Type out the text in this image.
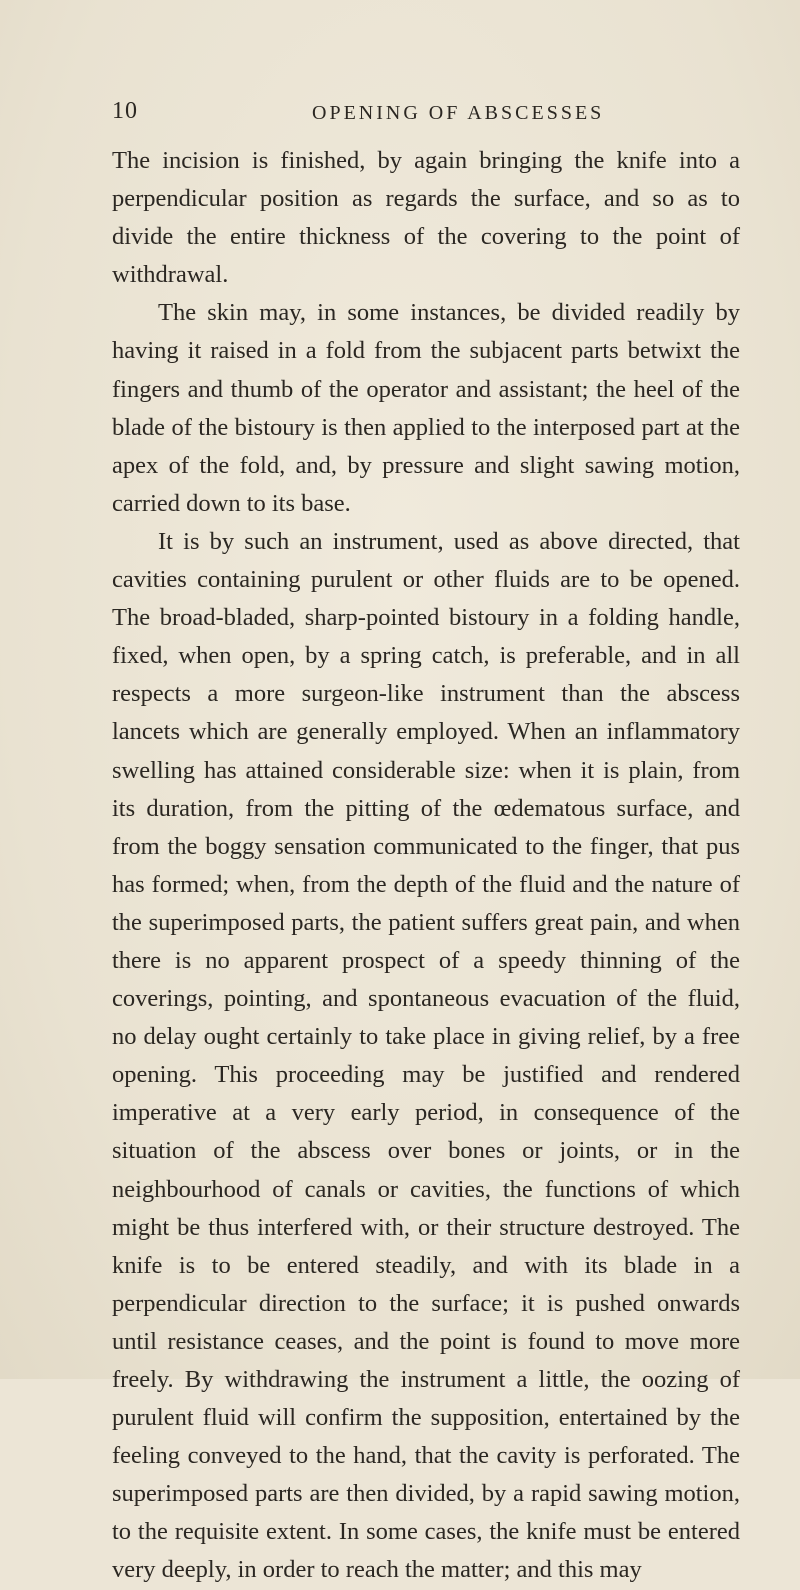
10	OPENING OF ABSCESSES

The incision is finished, by again bringing the knife into a perpendicular position as regards the surface, and so as to divide the entire thickness of the covering to the point of withdrawal.

The skin may, in some instances, be divided readily by having it raised in a fold from the subjacent parts betwixt the fingers and thumb of the operator and assistant; the heel of the blade of the bistoury is then applied to the interposed part at the apex of the fold, and, by pressure and slight sawing motion, carried down to its base.

It is by such an instrument, used as above directed, that cavities containing purulent or other fluids are to be opened. The broad-bladed, sharp-pointed bistoury in a folding handle, fixed, when open, by a spring catch, is preferable, and in all respects a more surgeon-like instrument than the abscess lancets which are generally employed. When an inflammatory swelling has attained considerable size: when it is plain, from its duration, from the pitting of the œdematous surface, and from the boggy sensation communicated to the finger, that pus has formed; when, from the depth of the fluid and the nature of the superimposed parts, the patient suffers great pain, and when there is no apparent prospect of a speedy thinning of the coverings, pointing, and spontaneous evacuation of the fluid, no delay ought certainly to take place in giving relief, by a free opening. This proceeding may be justified and rendered imperative at a very early period, in consequence of the situation of the abscess over bones or joints, or in the neighbourhood of canals or cavities, the functions of which might be thus interfered with, or their structure destroyed. The knife is to be entered steadily, and with its blade in a perpendicular direction to the surface; it is pushed onwards until resistance ceases, and the point is found to move more freely. By withdrawing the instrument a little, the oozing of purulent fluid will confirm the supposition, entertained by the feeling conveyed to the hand, that the cavity is perforated. The superimposed parts are then divided, by a rapid sawing motion, to the requisite extent. In some cases, the knife must be entered very deeply, in order to reach the matter; and this may
